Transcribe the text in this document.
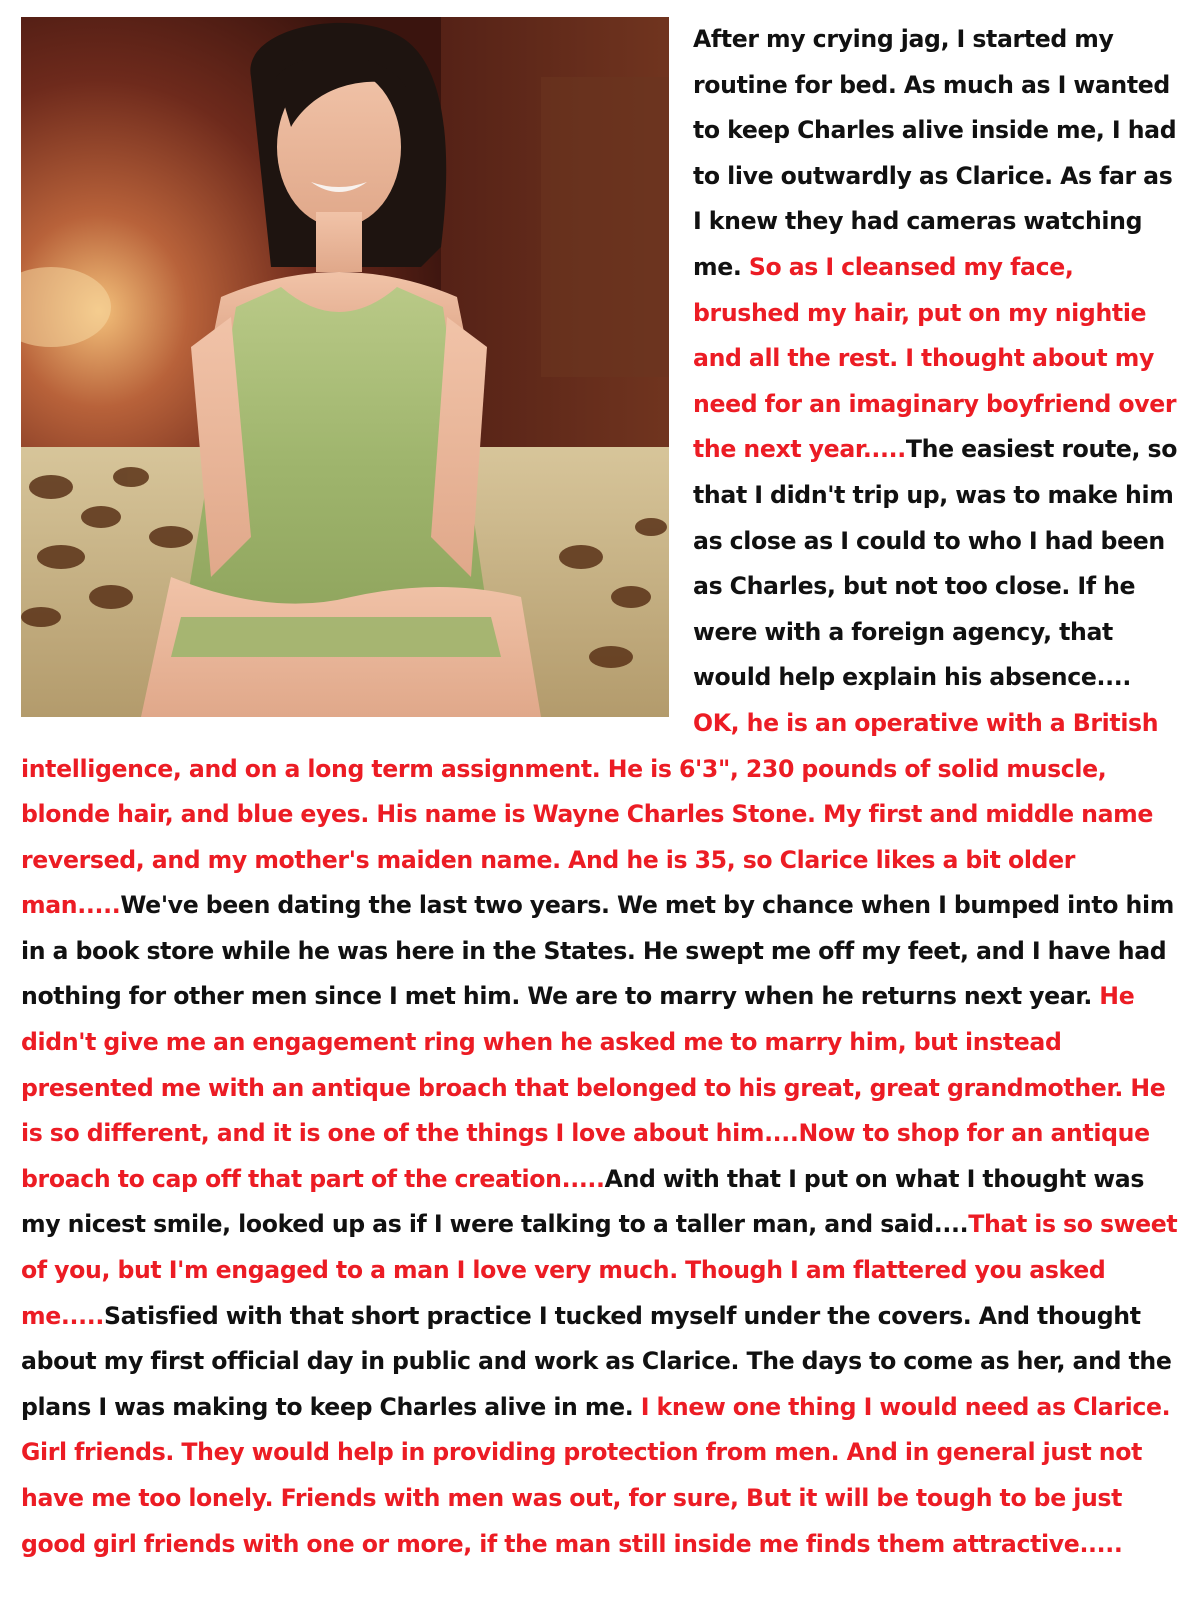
After my crying jag, I started my routine for bed. As much as I wanted to keep Charles alive inside me, I had to live outwardly as Clarice. As far as I knew they had cameras watching me. So as I cleansed my face, brushed my hair, put on my nightie and all the rest. I thought about my need for an imaginary boyfriend over the next year.....The easiest route, so that I didn't trip up, was to make him as close as I could to who I had been as Charles, but not too close. If he were with a foreign agency, that would help explain his absence.... OK, he is an operative with a British intelligence, and on a long term assignment. He is 6'3", 230 pounds of solid muscle, blonde hair, and blue eyes. His name is Wayne Charles Stone. My first and middle name reversed, and my mother's maiden name. And he is 35, so Clarice likes a bit older man.....We've been dating the last two years. We met by chance when I bumped into him in a book store while he was here in the States. He swept me off my feet, and I have had nothing for other men since I met him. We are to marry when he returns next year. He didn't give me an engagement ring when he asked me to marry him, but instead presented me with an antique broach that belonged to his great, great grandmother. He is so different, and it is one of the things I love about him....Now to shop for an antique broach to cap off that part of the creation.....And with that I put on what I thought was my nicest smile, looked up as if I were talking to a taller man, and said....That is so sweet of you, but I'm engaged to a man I love very much. Though I am flattered you asked me.....Satisfied with that short practice I tucked myself under the covers. And thought about my first official day in public and work as Clarice. The days to come as her, and the plans I was making to keep Charles alive in me. I knew one thing I would need as Clarice. Girl friends. They would help in providing protection from men. And in general just not have me too lonely. Friends with men was out, for sure, But it will be tough to be just good girl friends with one or more, if the man still inside me finds them attractive.....
